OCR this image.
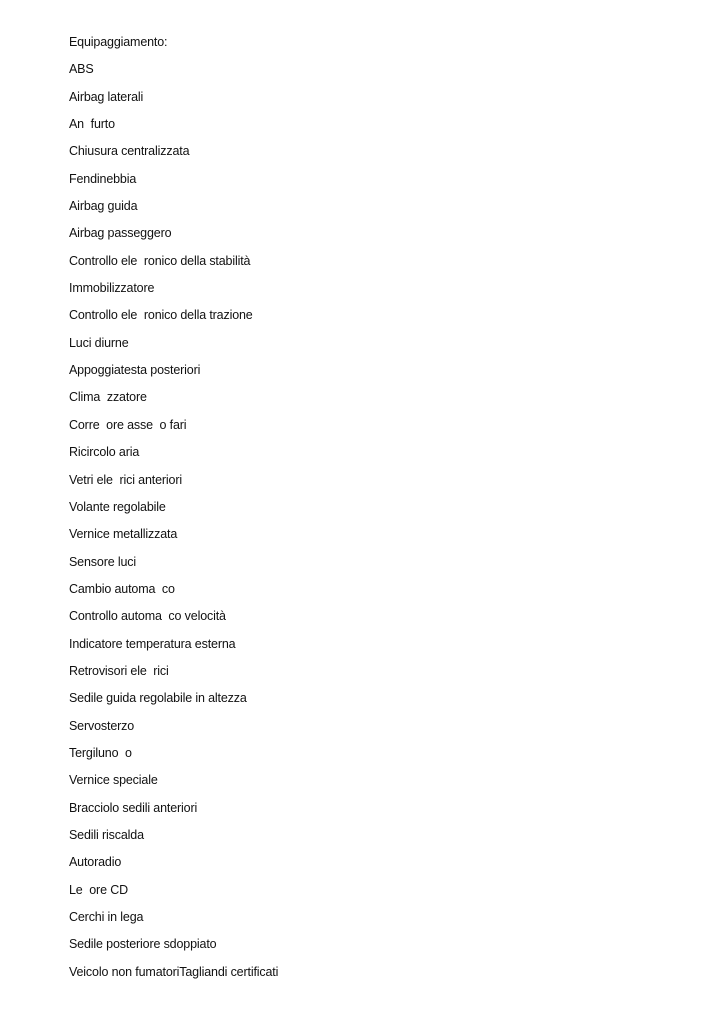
Equipaggiamento:
ABS
Airbag laterali
An  furto
Chiusura centralizzata
Fendinebbia
Airbag guida
Airbag passeggero
Controllo ele  ronico della stabilità
Immobilizzatore
Controllo ele  ronico della trazione
Luci diurne
Appoggiatesta posteriori
Clima  zzatore
Corre  ore asse  o fari
Ricircolo aria
Vetri ele  rici anteriori
Volante regolabile
Vernice metallizzata
Sensore luci
Cambio automa  co
Controllo automa  co velocità
Indicatore temperatura esterna
Retrovisori ele  rici
Sedile guida regolabile in altezza
Servosterzo
Tergiluno  o
Vernice speciale
Bracciolo sedili anteriori
Sedili riscalda
Autoradio
Le  ore CD
Cerchi in lega
Sedile posteriore sdoppiato
Veicolo non fumatoriTagliandi certificati
